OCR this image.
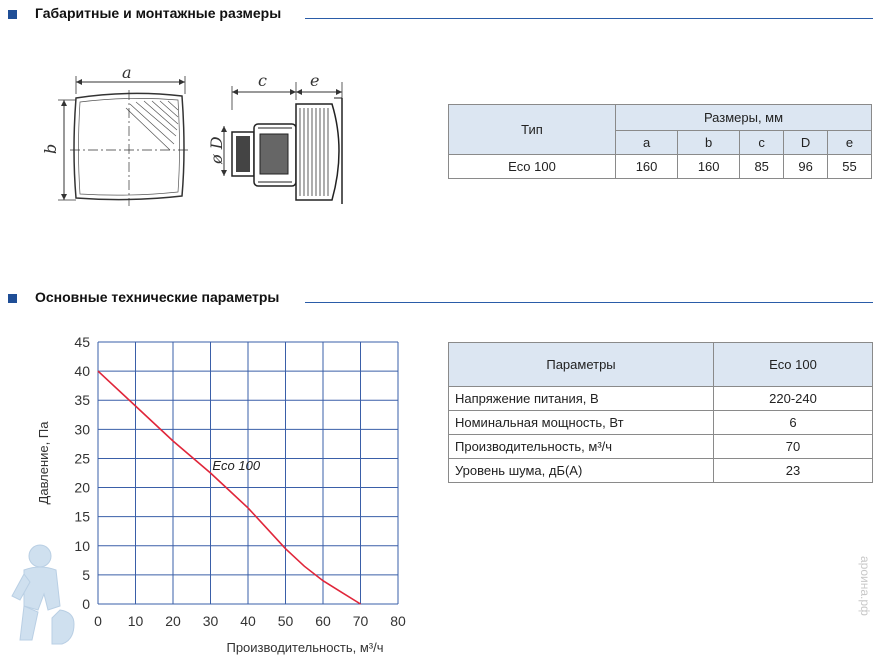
Габаритные и монтажные размеры
a
b
c	e
ø D
Тип	Размеры, мм				
	a	b	c	D	e
Eco 100	160	160	85	96	55
Основные технические параметры
0 10 20 30 40 50 60 70 80
0
5
10
15
20
25
30
35
40
45
Eco 100
Давление, Па
Производительность, м³/ч
Параметры	Eco 100
Напряжение питания, В	220-240
Номинальная мощность, Вт	6
Производительность, м³/ч	70
Уровень шума, дБ(А)	23
ароина.рф
